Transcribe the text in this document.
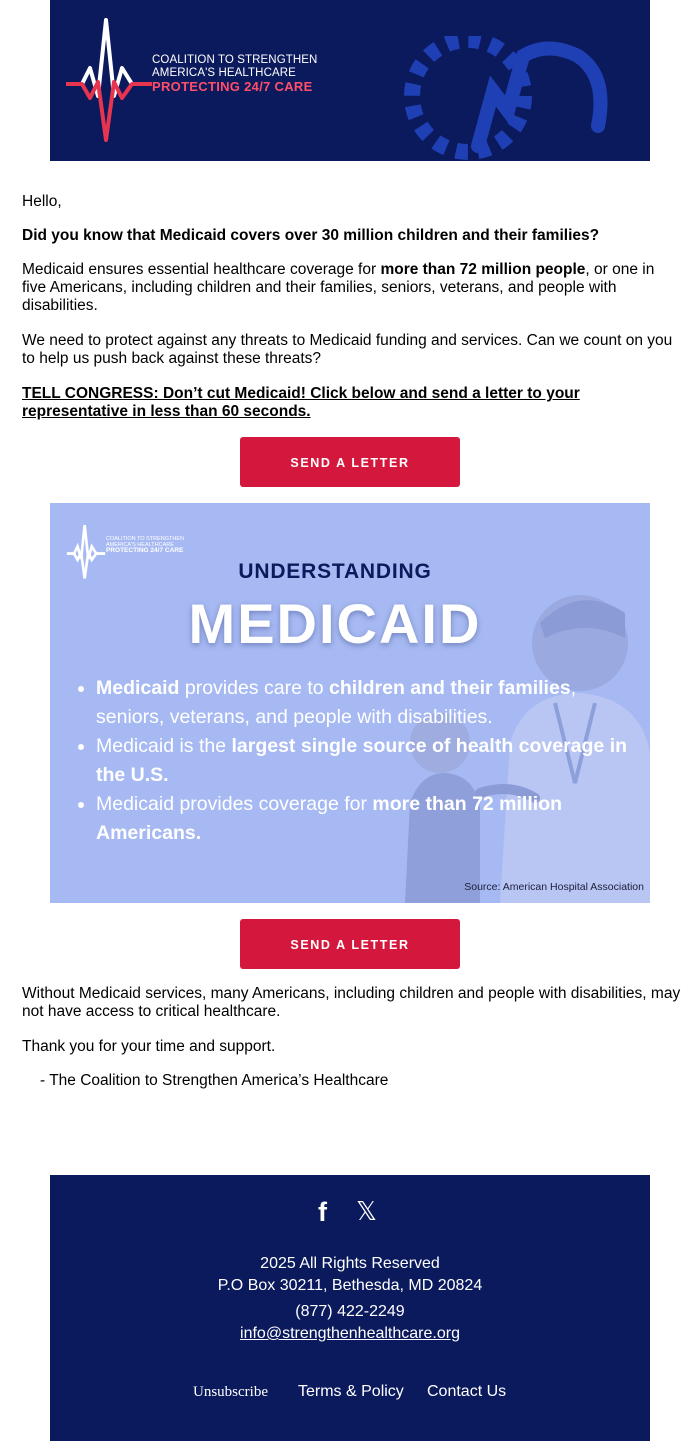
COALITION TO STRENGTHEN
AMERICA'S HEALTHCARE
PROTECTING 24/7 CARE

Hello,

Did you know that Medicaid covers over 30 million children and their families?

Medicaid ensures essential healthcare coverage for more than 72 million people, or one in five Americans, including children and their families, seniors, veterans, and people with disabilities.

We need to protect against any threats to Medicaid funding and services. Can we count on you to help us push back against these threats?

TELL CONGRESS: Don’t cut Medicaid! Click below and send a letter to your representative in less than 60 seconds.
SEND A LETTER
COALITION TO STRENGTHEN
AMERICA'S HEALTHCARE
PROTECTING 24/7 CARE
UNDERSTANDING
MEDICAID
• Medicaid provides care to children and their families, seniors, veterans, and people with disabilities.
• Medicaid is the largest single source of health coverage in the U.S.
• Medicaid provides coverage for more than 72 million Americans.
Source: American Hospital Association
SEND A LETTER

Without Medicaid services, many Americans, including children and people with disabilities, may not have access to critical healthcare.

Thank you for your time and support.

- The Coalition to Strengthen America’s Healthcare

f 𝕏
2025 All Rights Reserved
P.O Box 30211, Bethesda, MD 20824
(877) 422-2249
info@strengthenhealthcare.org
Unsubscribe Terms & Policy Contact Us
